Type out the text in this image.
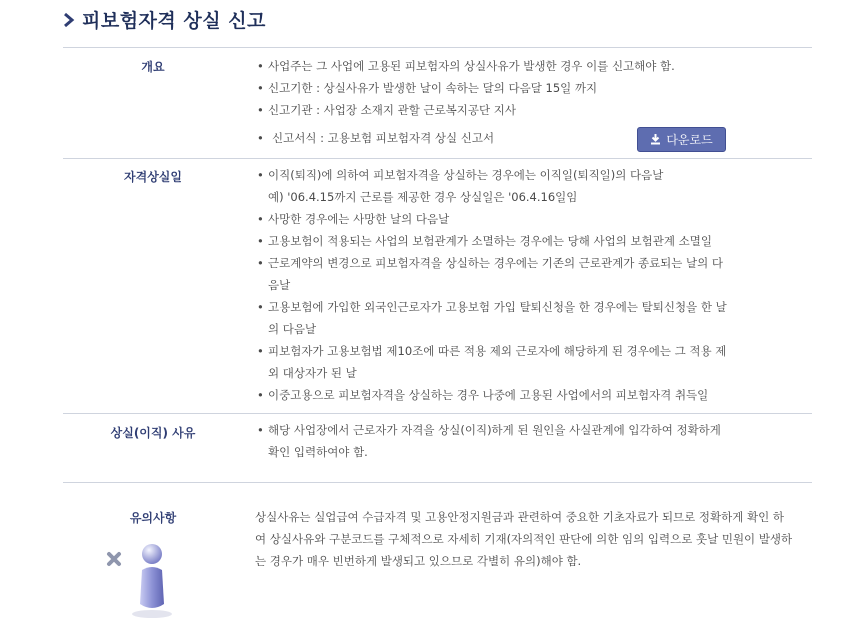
피보험자격 상실 신고
개요	• 사업주는 그 사업에 고용된 피보험자의 상실사유가 발생한 경우 이를 신고해야 함.
• 신고기한 : 상실사유가 발생한 날이 속하는 달의 다음달 15일 까지
• 신고기관 : 사업장 소재지 관할 근로복지공단 지사
• 신고서식 : 고용보험 피보험자격 상실 신고서	다운로드
자격상실일	• 이직(퇴직)에 의하여 피보험자격을 상실하는 경우에는 이직일(퇴직일)의 다음날
예) '06.4.15까지 근로를 제공한 경우 상실일은 '06.4.16일임
• 사망한 경우에는 사망한 날의 다음날
• 고용보험이 적용되는 사업의 보험관계가 소멸하는 경우에는 당해 사업의 보험관계 소멸일
• 근로계약의 변경으로 피보험자격을 상실하는 경우에는 기존의 근로관계가 종료되는 날의 다
음날
• 고용보험에 가입한 외국인근로자가 고용보험 가입 탈퇴신청을 한 경우에는 탈퇴신청을 한 날
의 다음날
• 피보험자가 고용보험법 제10조에 따른 적용 제외 근로자에 해당하게 된 경우에는 그 적용 제
외 대상자가 된 날
• 이중고용으로 피보험자격을 상실하는 경우 나중에 고용된 사업에서의 피보험자격 취득일
상실(이직) 사유	• 해당 사업장에서 근로자가 자격을 상실(이직)하게 된 원인을 사실관계에 입각하여 정확하게
확인 입력하여야 함.
유의사항	상실사유는 실업급여 수급자격 및 고용안정지원금과 관련하여 중요한 기초자료가 되므로 정확하게 확인 하여 상실사유와 구분코드를 구체적으로 자세히 기재(자의적인 판단에 의한 임의 입력으로 훗날 민원이 발생하는 경우가 매우 빈번하게 발생되고 있으므로 각별히 유의)해야 함.
